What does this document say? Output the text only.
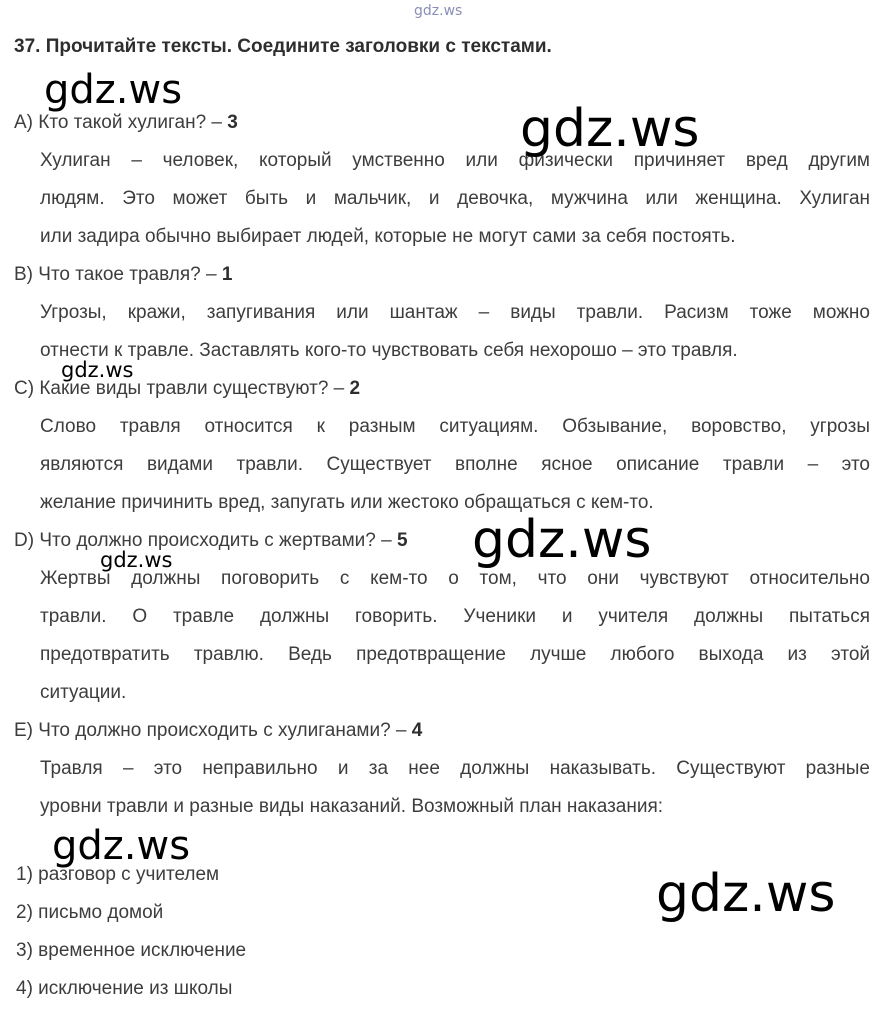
gdz.ws
37. Прочитайте тексты. Соедините заголовки с текстами.
A) Кто такой хулиган? – 3
Хулиган – человек, который умственно или физически причиняет вред другим
людям. Это может быть и мальчик, и девочка, мужчина или женщина. Хулиган
или задира обычно выбирает людей, которые не могут сами за себя постоять.
B) Что такое травля? – 1
Угрозы, кражи, запугивания или шантаж – виды травли. Расизм тоже можно
отнести к травле. Заставлять кого-то чувствовать себя нехорошо – это травля.
C) Какие виды травли существуют? – 2
Слово травля относится к разным ситуациям. Обзывание, воровство, угрозы
являются видами травли. Существует вполне ясное описание травли – это
желание причинить вред, запугать или жестоко обращаться с кем-то.
D) Что должно происходить с жертвами? – 5
Жертвы должны поговорить с кем-то о том, что они чувствуют относительно
травли. О травле должны говорить. Ученики и учителя должны пытаться
предотвратить травлю. Ведь предотвращение лучше любого выхода из этой
ситуации.
E) Что должно происходить с хулиганами? – 4
Травля – это неправильно и за нее должны наказывать. Существуют разные
уровни травли и разные виды наказаний. Возможный план наказания:
1) разговор с учителем
2) письмо домой
3) временное исключение
4) исключение из школы
gdz.ws
gdz.ws
gdz.ws
gdz.ws
gdz.ws
gdz.ws
gdz.ws
